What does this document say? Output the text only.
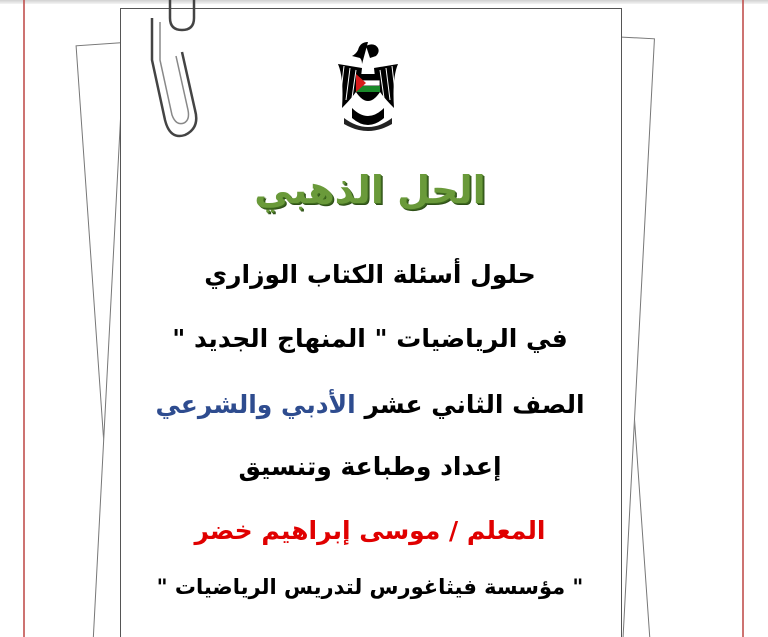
الحل الذهبي
حلول أسئلة الكتاب الوزاري
في الرياضيات " المنهاج الجديد "
الصف الثاني عشر الأدبي والشرعي
إعداد وطباعة وتنسيق
المعلم / موسى إبراهيم خضر
" مؤسسة فيثاغورس لتدريس الرياضيات "
